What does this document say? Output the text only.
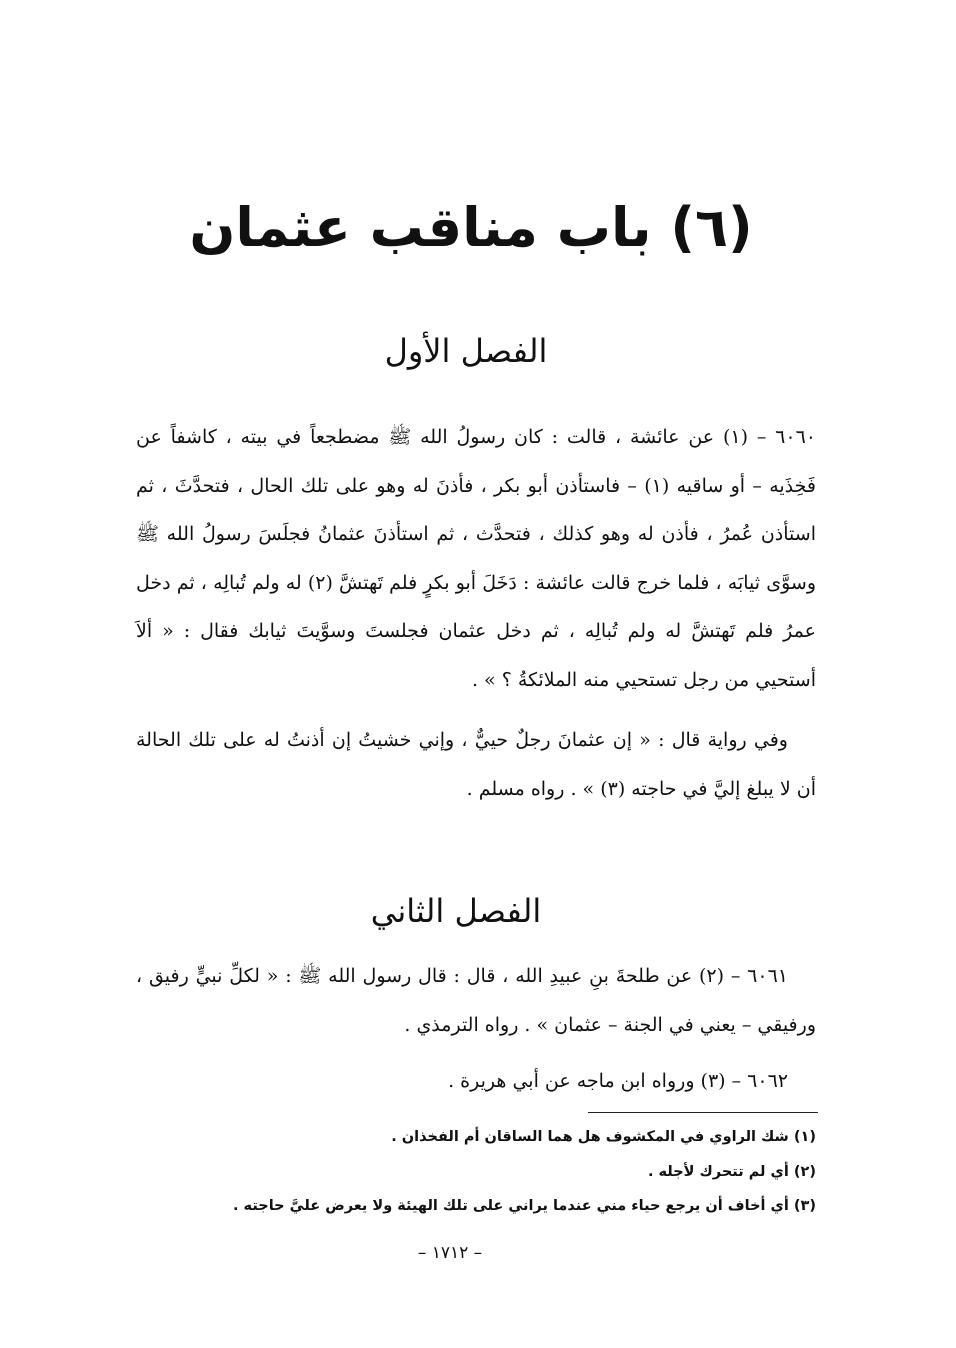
(٦) باب مناقب عثمان
الفصل الأول
٦٠٦٠ – (١) عن عائشة ، قالت : كان رسولُ الله ﷺ مضطجعاً في بيته ، كاشفاً عن فَخِذَيه – أو ساقيه (١) – فاستأذن أبو بكر ، فأذنَ له وهو على تلك الحال ، فتحدَّثَ ، ثم استأذن عُمرُ ، فأذن له وهو كذلك ، فتحدَّث ، ثم استأذنَ عثمانُ فجلَسَ رسولُ الله ﷺ وسوَّى ثيابَه ، فلما خرج قالت عائشة : دَخَلَ أبو بكرٍ فلم تَهتشَّ (٢) له ولم تُبالِه ، ثم دخل عمرُ فلم تَهتشَّ له ولم تُبالِه ، ثم دخل عثمان فجلستَ وسوَّيتَ ثيابك فقال : « ألاَ أستحيي من رجل تستحيي منه الملائكةُ ؟ » .
وفي رواية قال : « إن عثمانَ رجلٌ حييٌّ ، وإني خشيتُ إن أذنتُ له على تلك الحالة أن لا يبلغ إليَّ في حاجته (٣) » . رواه مسلم .
الفصل الثاني
٦٠٦١ – (٢) عن طلحةَ بنِ عبيدِ الله ، قال : قال رسول الله ﷺ : « لكلِّ نبيٍّ رفيق ، ورفيقي – يعني في الجنة – عثمان » . رواه الترمذي .
٦٠٦٢ – (٣) ورواه ابن ماجه عن أبي هريرة .
(١) شك الراوي في المكشوف هل هما الساقان أم الفخذان .
(٢) أي لم تتحرك لأجله .
(٣) أي أخاف أن يرجع حياء مني عندما يراني على تلك الهيئة ولا يعرض عليَّ حاجته .
– ١٧١٢ –
